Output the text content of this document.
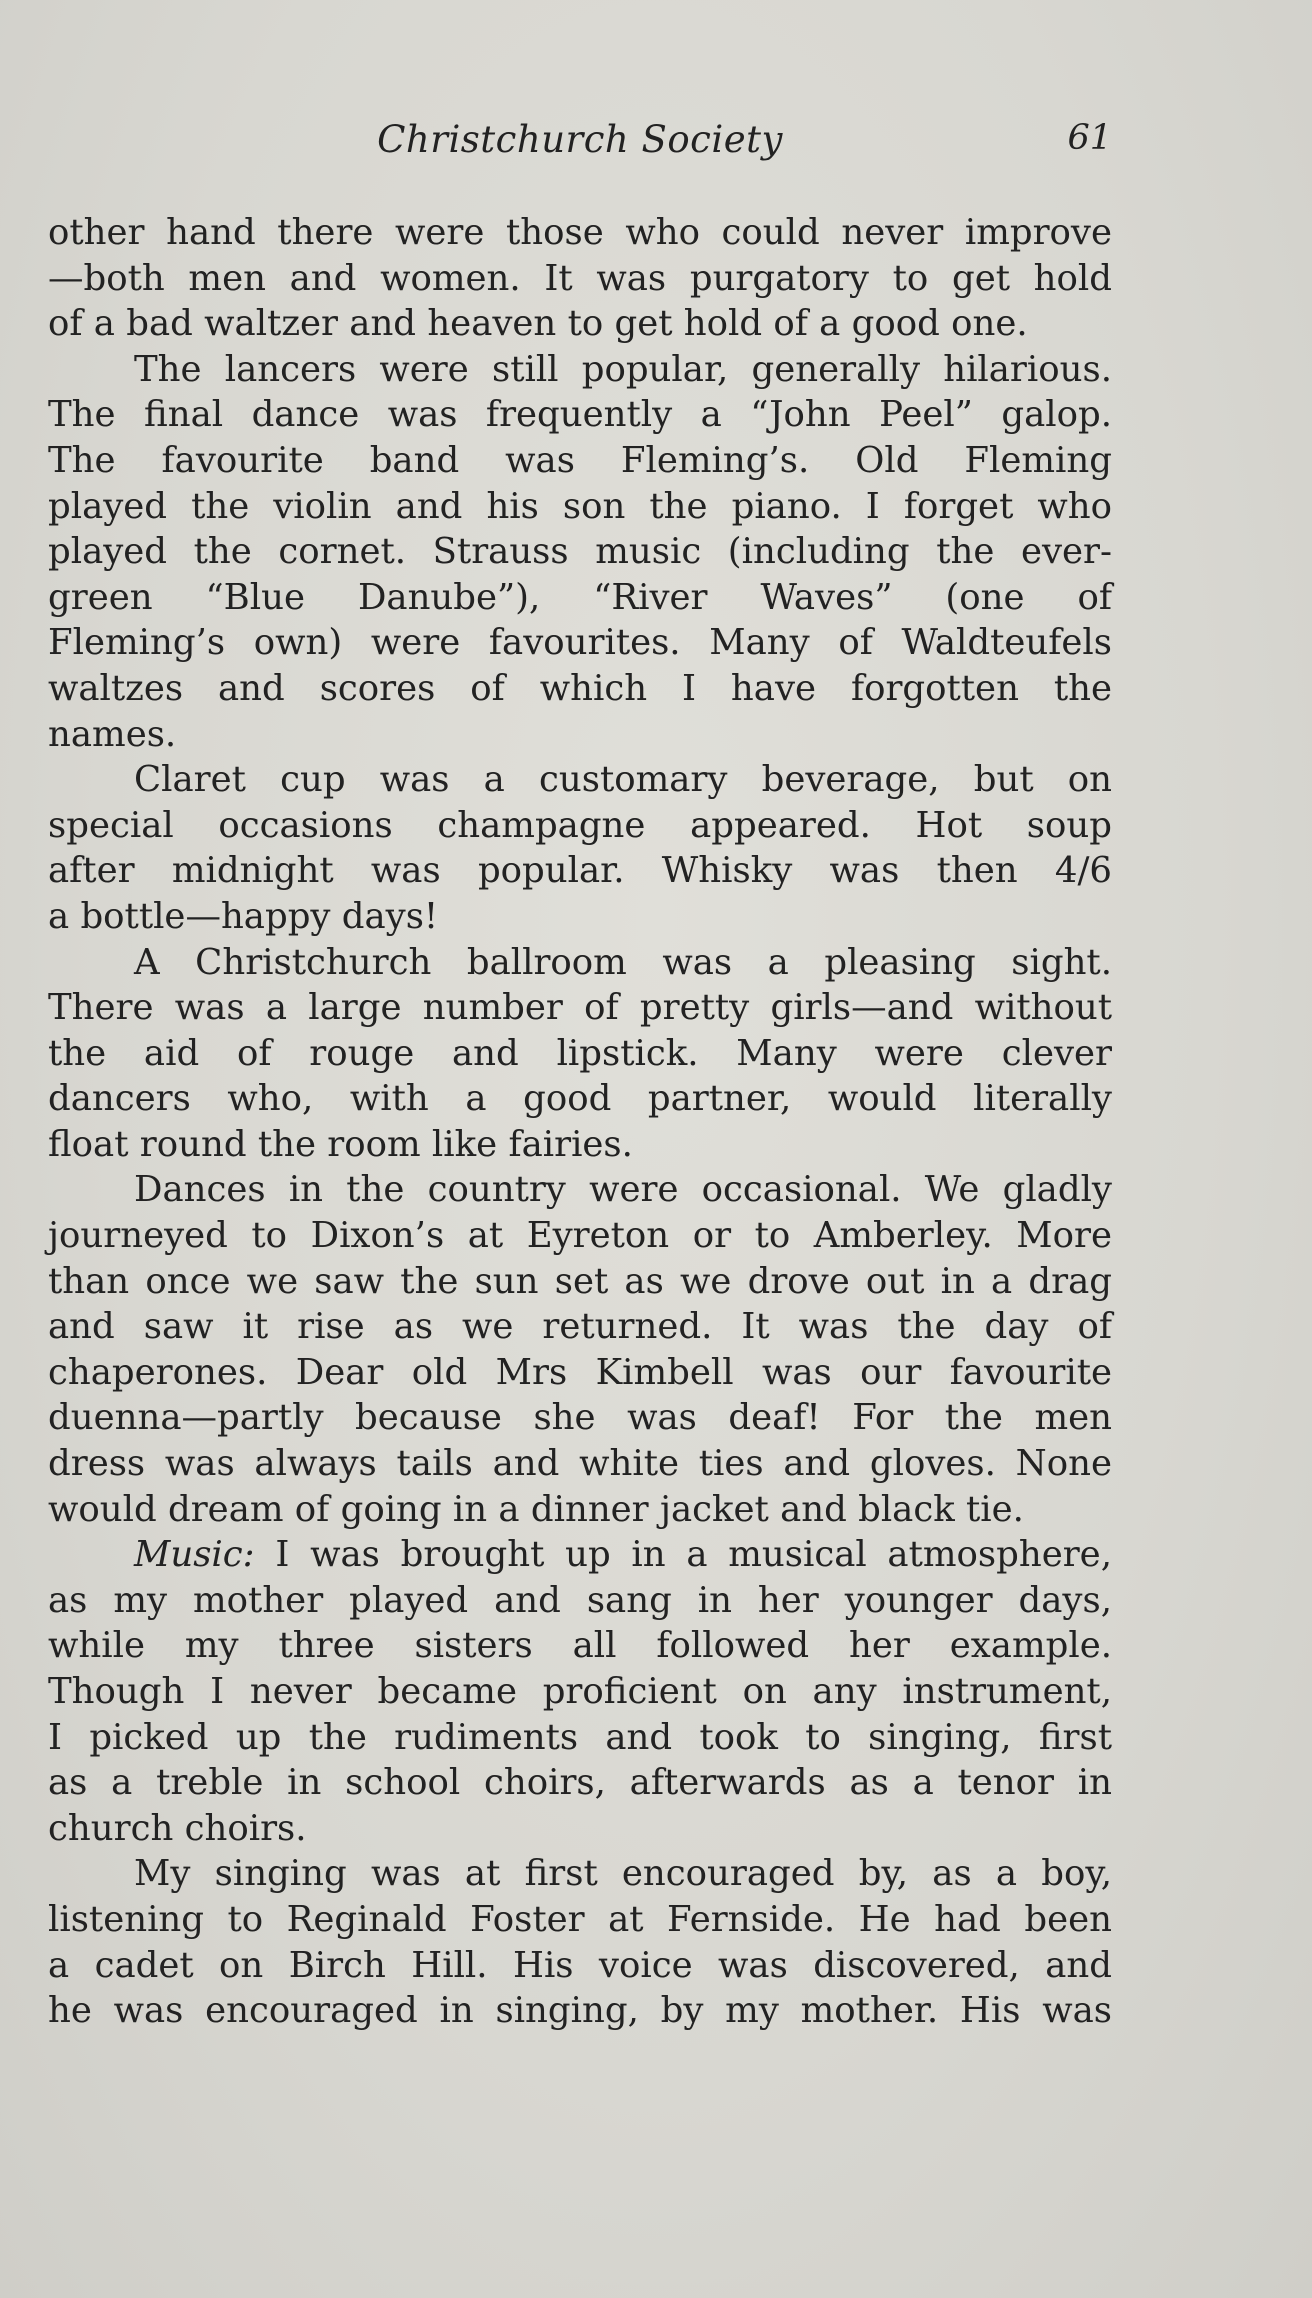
Christchurch Society	61
other hand there were those who could never improve
—both men and women. It was purgatory to get hold
of a bad waltzer and heaven to get hold of a good one.
The lancers were still popular, generally hilarious.
The final dance was frequently a “John Peel” galop.
The favourite band was Fleming’s. Old Fleming
played the violin and his son the piano. I forget who
played the cornet. Strauss music (including the ever-
green “Blue Danube”), “River Waves” (one of
Fleming’s own) were favourites. Many of Waldteufels
waltzes and scores of which I have forgotten the
names.
Claret cup was a customary beverage, but on
special occasions champagne appeared. Hot soup
after midnight was popular. Whisky was then 4/6
a bottle—happy days!
A Christchurch ballroom was a pleasing sight.
There was a large number of pretty girls—and without
the aid of rouge and lipstick. Many were clever
dancers who, with a good partner, would literally
float round the room like fairies.
Dances in the country were occasional. We gladly
journeyed to Dixon’s at Eyreton or to Amberley. More
than once we saw the sun set as we drove out in a drag
and saw it rise as we returned. It was the day of
chaperones. Dear old Mrs Kimbell was our favourite
duenna—partly because she was deaf! For the men
dress was always tails and white ties and gloves. None
would dream of going in a dinner jacket and black tie.
Music: I was brought up in a musical atmosphere,
as my mother played and sang in her younger days,
while my three sisters all followed her example.
Though I never became proficient on any instrument,
I picked up the rudiments and took to singing, first
as a treble in school choirs, afterwards as a tenor in
church choirs.
My singing was at first encouraged by, as a boy,
listening to Reginald Foster at Fernside. He had been
a cadet on Birch Hill. His voice was discovered, and
he was encouraged in singing, by my mother. His was
